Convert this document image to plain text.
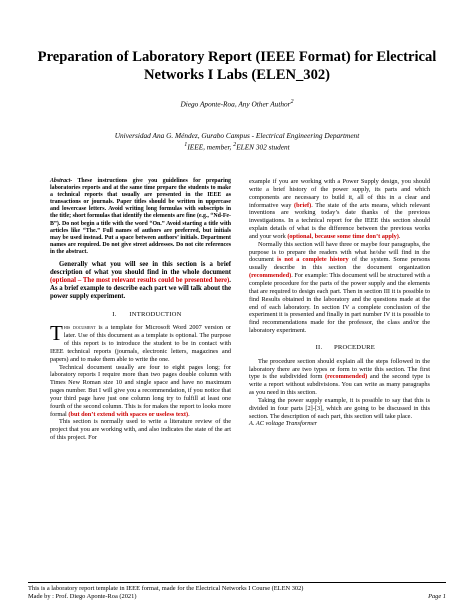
Preparation of Laboratory Report (IEEE Format) for Electrical Networks I Labs (ELEN_302)
Diego Aponte-Roa, Any Other Author$^2$
Universidad Ana G. Méndez, Gurabo Campus - Electrical Engineering Department
$^1$IEEE, member, $^2$ELEN 302 student

Abstract- These instructions give you guidelines for preparing laboratories reports and at the same time prepare the students to make a technical reports that usually are presented in the IEEE as transactions or journals. Paper titles should be written in uppercase and lowercase letters. Avoid writing long formulas with subscripts in the title; short formulas that identify the elements are fine (e.g., “Nd-Fe-B”). Do not begin a title with the word “On.” Avoid starting a title with articles like “The.” Full names of authors are preferred, but initials may be used instead. Put a space between authors’ initials. Department names are required. Do not give street addresses. Do not cite references in the abstract.

Generally what you will see in this section is a brief description of what you should find in the whole document (optional – The most relevant results could be presented here). As a brief example to describe each part we will talk about the power supply experiment.

I. INTRODUCTION

This document is a template for Microsoft Word 2007 version or later. Use of this document as a template is optional. The purpose of this report is to introduce the student to be in contact with IEEE technical reports (journals, electronic letters, magazines and papers) and to make them able to write the one.

Technical document usually are four to eight pages long; for laboratory reports I require more than two pages double column with Times New Roman size 10 and single space and have no maximum pages number. But I will give you a recommendation, if you notice that your third page have just one column long try to fulfill at least one fourth of the second column. This is for makes the report to looks more formal (but don’t extend with spaces or useless text).

This section is normally used to write a literature review of the project that you are working with, and also indicates the state of the art of this project. For

example if you are working with a Power Supply design, you should write a brief history of the power supply, its parts and which components are necessary to build it, all of this in a clear and informative way (brief). The state of the arts means, which relevant inventions are working today’s date thanks of the previous investigations. In a technical report for the IEEE this section should explain details of what is the difference between the previous works and your work (optional, because some time don’t apply).

Normally this section will have three or maybe four paragraphs, the purpose is to prepare the readers with what he/she will find in the document is not a complete history of the system. Some persons usually describe in this section the document organization (recommended). For example: This document will be structured with a complete procedure for the parts of the power supply and the elements that are required to design each part. Then in section III it is possible to find Results obtained in the laboratory and the questions made at the end of each laboratory. In section IV a complete conclusion of the experiment it is presented and finally in part number IV it is possible to find recommendations made for the professor, the class and/or the laboratory experiment.

II. PROCEDURE

The procedure section should explain all the steps followed in the laboratory there are two types or form to write this section. The first type is the subdivided form (recommended) and the second type is write a report without subdivisions. You can write as many paragraphs as you need in this section.

Taking the power supply example, it is possible to say that this is divided in four parts [2]-[3], which are going to be discussed in this section. The description of each part, this section will take place.

A. AC voltage Transformer

This is a laboratory report template in IEEE format, made for the Electrical Networks I Course (ELEN 302)
Made by : Prof. Diego Aponte-Roa (2021)	Page 1
